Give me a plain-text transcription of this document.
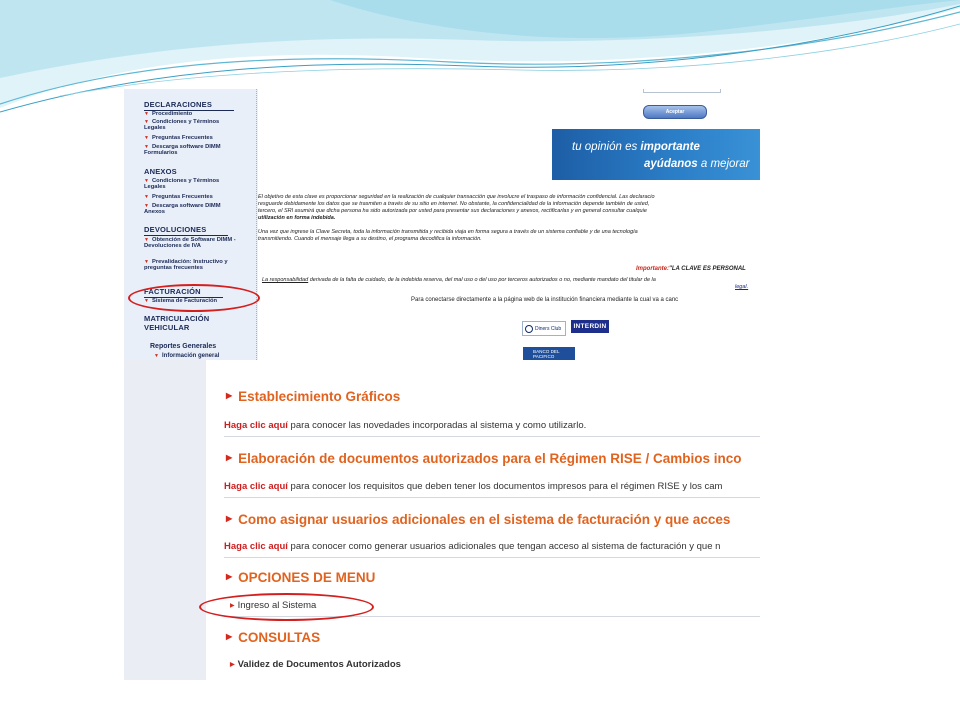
DECLARACIONES
▼ Procedimiento
▼ Condiciones y Términos Legales
▼ Preguntas Frecuentes
▼ Descarga software DIMM Formularios
ANEXOS
▼ Condiciones y Términos Legales
▼ Preguntas Frecuentes
▼ Descarga software DIMM Anexos
DEVOLUCIONES
▼ Obtención de Software DIMM - Devoluciones de IVA
▼ Prevalidación: Instructivo y preguntas frecuentes
FACTURACIÓN
▼ Sistema de Facturación
MATRICULACIÓN VEHICULAR
Reportes Generales
▼ Información general
Aceptar
tu opinión es importante
ayúdanos a mejorar
El objetivo de esta clave es proporcionar seguridad en la realización de cualquier transacción que involucre el traspaso de información confidencial. Las declaracio
resguarde debidamente los datos que se trasmiten a través de su sitio en internet. No obstante, la confidencialidad de la información depende también de usted,
tercero, el SRI asumirá que dicha persona ha sido autorizada por usted para presentar sus declaraciones y anexos, rectificarlas y en general consultar cualquie
utilización en forma indebida.
Una vez que ingrese la Clave Secreta, toda la información transmitida y recibida viaja en forma segura a través de un sistema confiable y de una tecnología
transmitiendo. Cuando el mensaje llega a su destino, el programa decodifica la información.
Importante:"LA CLAVE ES PERSONAL
La responsabilidad derivada de la falta de cuidado, de la indebida reserva, del mal uso o del uso por terceros autorizados o no, mediante mandato del titular de la
legal.
Para conectarse directamente a la página web de la institución financiera mediante la cual va a canc
Diners Club	INTERDIN
BANCO DEL PACIFICO
▶ Establecimiento Gráficos
Haga clic aquí para conocer las novedades incorporadas al sistema y como utilizarlo.
▶ Elaboración de documentos autorizados para el Régimen RISE / Cambios inco
Haga clic aquí para conocer los requisitos que deben tener los documentos impresos para el régimen RISE y los cam
▶ Como asignar usuarios adicionales en el sistema de facturación y que acces
Haga clic aquí para conocer como generar usuarios adicionales que tengan acceso al sistema de facturación y que n
▶ OPCIONES DE MENU
▶ Ingreso al Sistema
▶ CONSULTAS
▶ Validez de Documentos Autorizados
